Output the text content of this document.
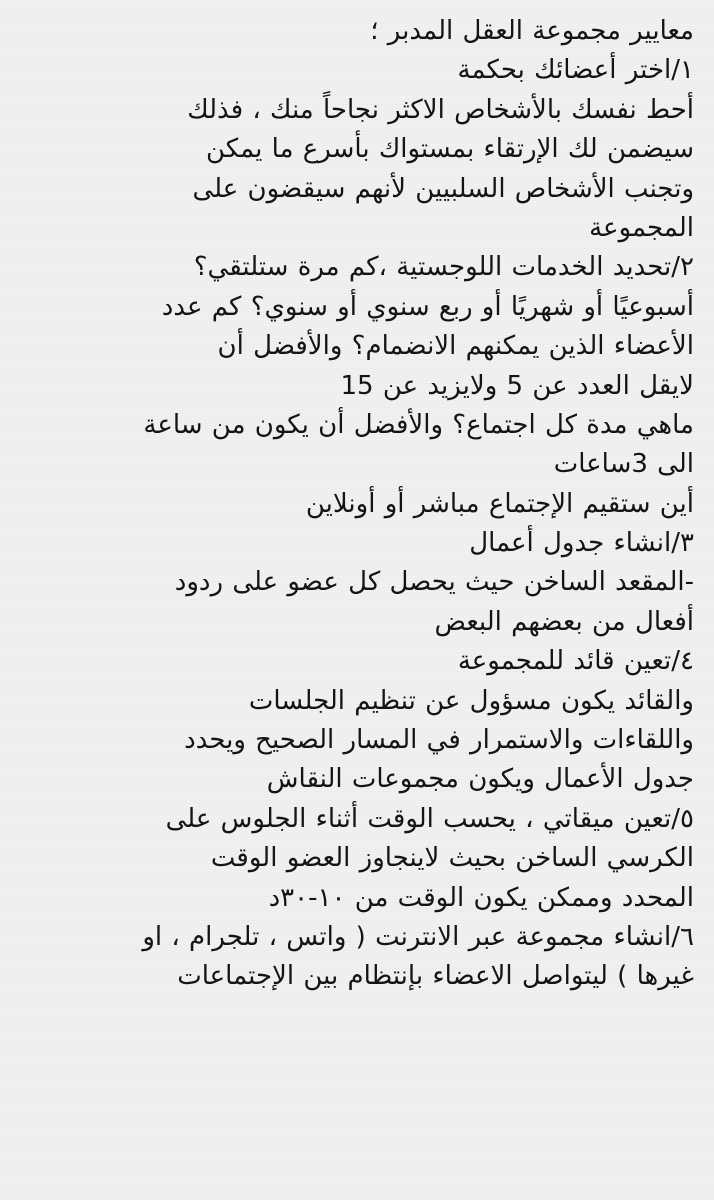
معايير مجموعة العقل المدبر ؛
١/اختر أعضائك بحكمة
أحط نفسك بالأشخاص الاكثر نجاحاً منك ، فذلك
سيضمن لك الإرتقاء بمستواك بأسرع ما يمكن
وتجنب الأشخاص السلبيين لأنهم سيقضون على
المجموعة
٢/تحديد الخدمات اللوجستية ،كم مرة ستلتقي؟
أسبوعيًا أو شهريًا أو ربع سنوي أو سنوي؟ كم عدد
الأعضاء الذين يمكنهم الانضمام؟ والأفضل أن
لايقل العدد عن 5 ولايزيد عن 15
ماهي مدة كل اجتماع؟ والأفضل أن يكون من ساعة
الى 3ساعات
أين ستقيم الإجتماع مباشر أو أونلاين
٣/انشاء جدول أعمال
-المقعد الساخن حيث يحصل كل عضو على ردود
أفعال من بعضهم البعض
٤/تعين قائد للمجموعة
والقائد يكون مسؤول عن تنظيم الجلسات
واللقاءات والاستمرار في المسار الصحيح ويحدد
جدول الأعمال ويكون مجموعات النقاش
٥/تعين ميقاتي ، يحسب الوقت أثناء الجلوس على
الكرسي الساخن بحيث لاينجاوز العضو الوقت
المحدد وممكن يكون الوقت من ١٠-٣٠د
٦/انشاء مجموعة عبر الانترنت ( واتس ، تلجرام ، او
غيرها ) ليتواصل الاعضاء بإنتظام بين الإجتماعات
